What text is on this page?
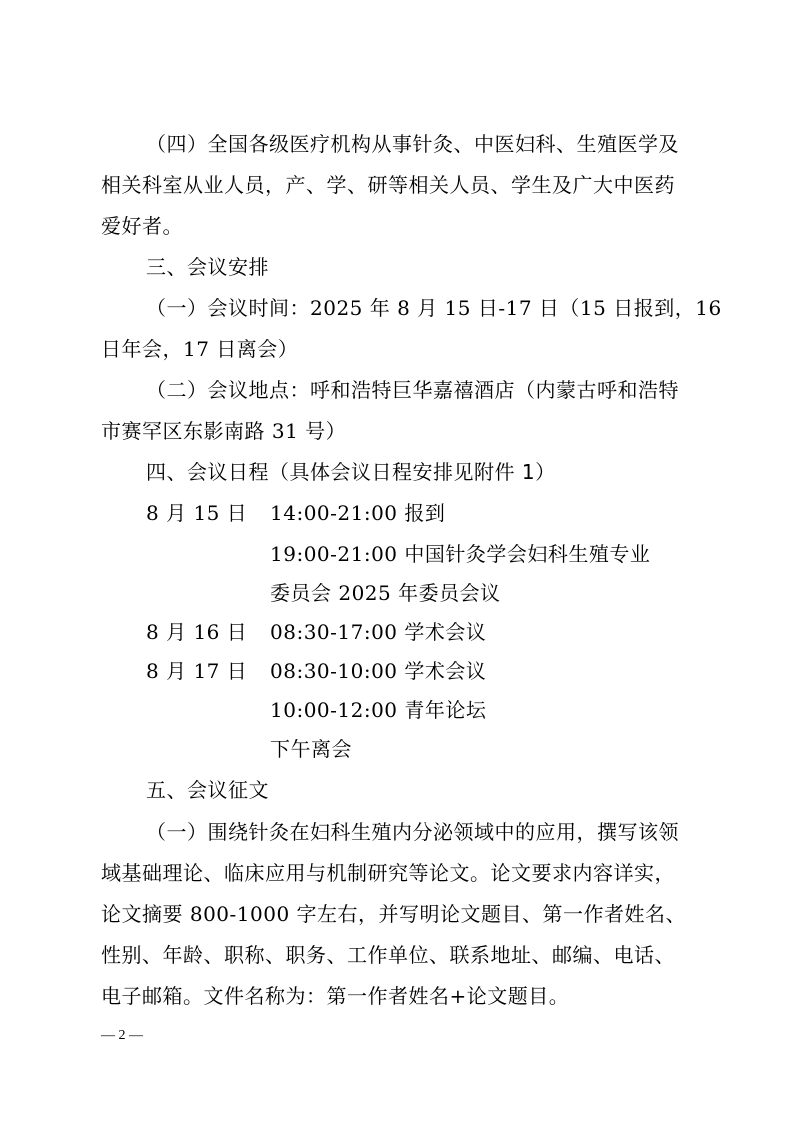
（四）全国各级医疗机构从事针灸、中医妇科、生殖医学及
相关科室从业人员，产、学、研等相关人员、学生及广大中医药
爱好者。
三、会议安排
（一）会议时间：2025 年 8 月 15 日-17 日（15 日报到，16
日年会，17 日离会）
（二）会议地点：呼和浩特巨华嘉禧酒店（内蒙古呼和浩特
市赛罕区东影南路 31 号）
四、会议日程（具体会议日程安排见附件 1）
8 月 15 日 14:00-21:00 报到
19:00-21:00 中国针灸学会妇科生殖专业
委员会 2025 年委员会议
8 月 16 日 08:30-17:00 学术会议
8 月 17 日 08:30-10:00 学术会议
10:00-12:00 青年论坛
下午离会
五、会议征文
（一）围绕针灸在妇科生殖内分泌领域中的应用，撰写该领
域基础理论、临床应用与机制研究等论文。论文要求内容详实，
论文摘要 800-1000 字左右，并写明论文题目、第一作者姓名、
性别、年龄、职称、职务、工作单位、联系地址、邮编、电话、
电子邮箱。文件名称为：第一作者姓名+论文题目。
— 2 —
